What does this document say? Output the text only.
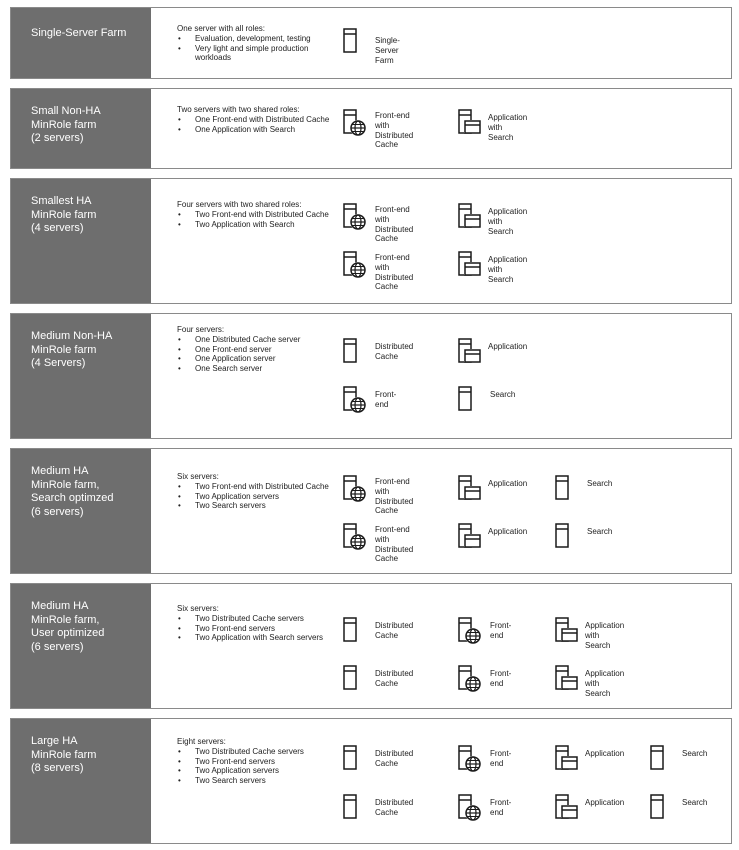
Single-Server Farm	One server with all roles:
• Evaluation, development, testing
• Very light and simple production
workloads
Single-Server Farm
Small Non-HA
MinRole farm
(2 servers)
Two servers with two shared roles:
• One Front-end with Distributed Cache
• One Application with Search
Front-end with
Distributed Cache
Application with Search
Smallest HA
MinRole farm
(4 servers)
Four servers with two shared roles:
• Two Front-end with Distributed Cache
• Two Application with Search
Front-end with
Distributed Cache
Application with Search
Front-end with
Distributed Cache
Application with Search
Medium Non-HA
MinRole farm
(4 Servers)
Four servers:
• One Distributed Cache server
• One Front-end server
• One Application server
• One Search server
Distributed Cache
Application
Front-end
Search
Medium HA
MinRole farm,
Search optimzed
(6 servers)
Six servers:
• Two Front-end with Distributed Cache
• Two Application servers
• Two Search servers
Front-end with
Distributed Cache
Application	Search
Front-end with
Distributed Cache
Application	Search
Medium HA
MinRole farm,
User optimized
(6 servers)
Six servers:
• Two Distributed Cache servers
• Two Front-end servers
• Two Application with Search servers
Distributed Cache
Front-end
Application with Search
Distributed Cache
Front-end
Application with Search
Large HA
MinRole farm
(8 servers)
Eight servers:
• Two Distributed Cache servers
• Two Front-end servers
• Two Application servers
• Two Search servers
Distributed Cache
Front-end
Application	Search
Distributed Cache
Front-end
Application	Search
